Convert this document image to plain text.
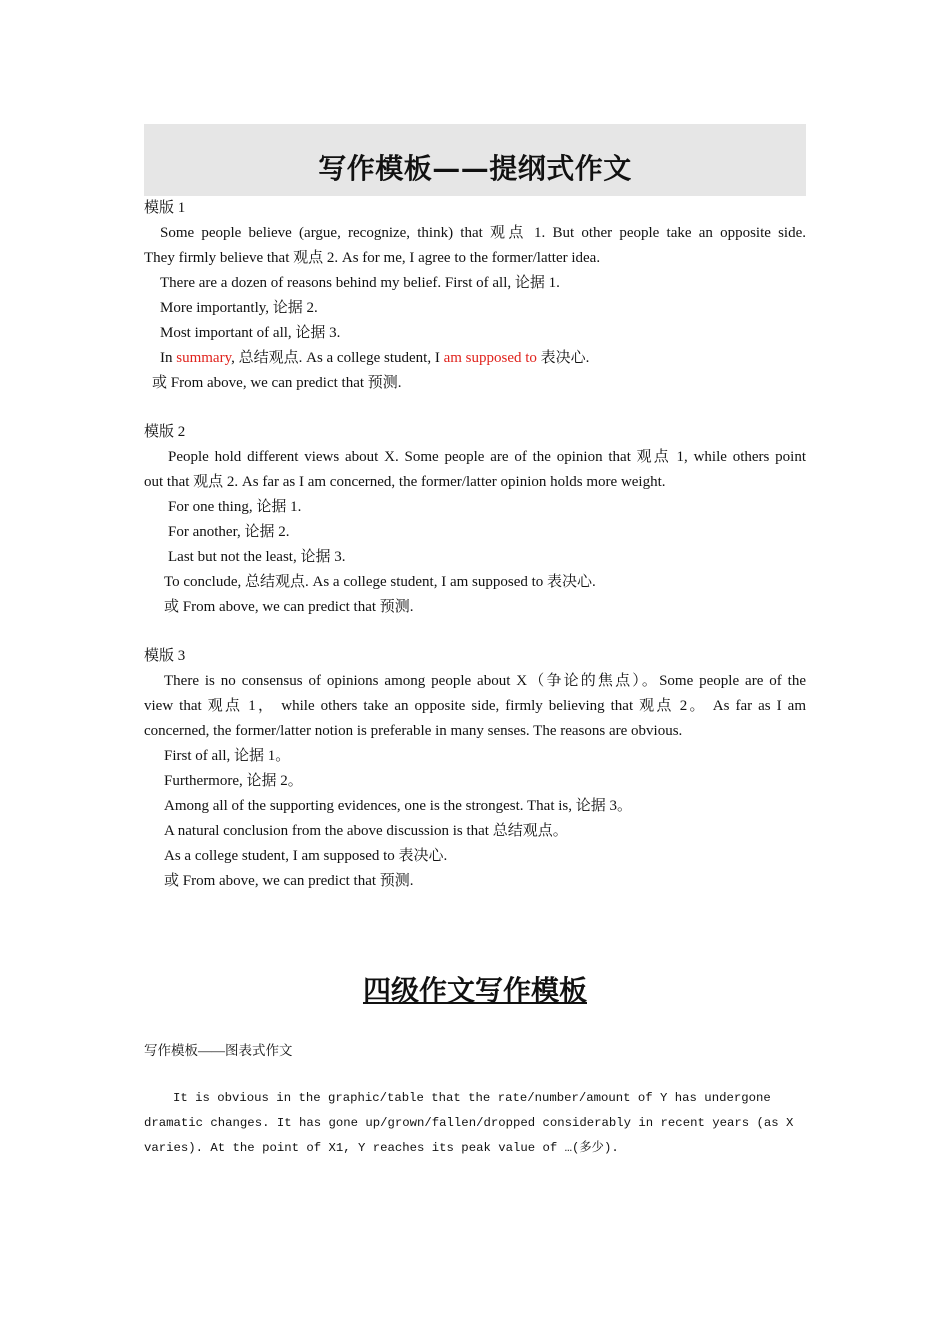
写作模板——提纲式作文
模版 1
Some people believe (argue, recognize, think) that 观点 1. But other people take an opposite side.
They firmly believe that 观点 2. As for me, I agree to the former/latter idea.
There are a dozen of reasons behind my belief. First of all, 论据 1.
More importantly, 论据 2.
Most important of all, 论据 3.
In summary, 总结观点. As a college student, I am supposed to 表决心.
或 From above, we can predict that 预测.
模版 2
People hold different views about X. Some people are of the opinion that 观点 1, while others point
out that 观点 2. As far as I am concerned, the former/latter opinion holds more weight.
For one thing, 论据 1.
For another, 论据 2.
Last but not the least, 论据 3.
To conclude, 总结观点. As a college student, I am supposed to 表决心.
或 From above, we can predict that 预测.
模版 3
There is no consensus of opinions among people about X（争论的焦点）。Some people are of the
view that 观点 1， while others take an opposite side, firmly believing that 观点 2。 As far as I am
concerned, the former/latter notion is preferable in many senses. The reasons are obvious.
First of all, 论据 1。
Furthermore, 论据 2。
Among all of the supporting evidences, one is the strongest. That is, 论据 3。
A natural conclusion from the above discussion is that 总结观点。
As a college student, I am supposed to 表决心.
或 From above, we can predict that 预测.
四级作文写作模板
写作模板——图表式作文
It is obvious in the graphic/table that the rate/number/amount of Y has undergone
dramatic changes. It has gone up/grown/fallen/dropped considerably in recent years (as X
varies). At the point of X1, Y reaches its peak value of …(多少).
